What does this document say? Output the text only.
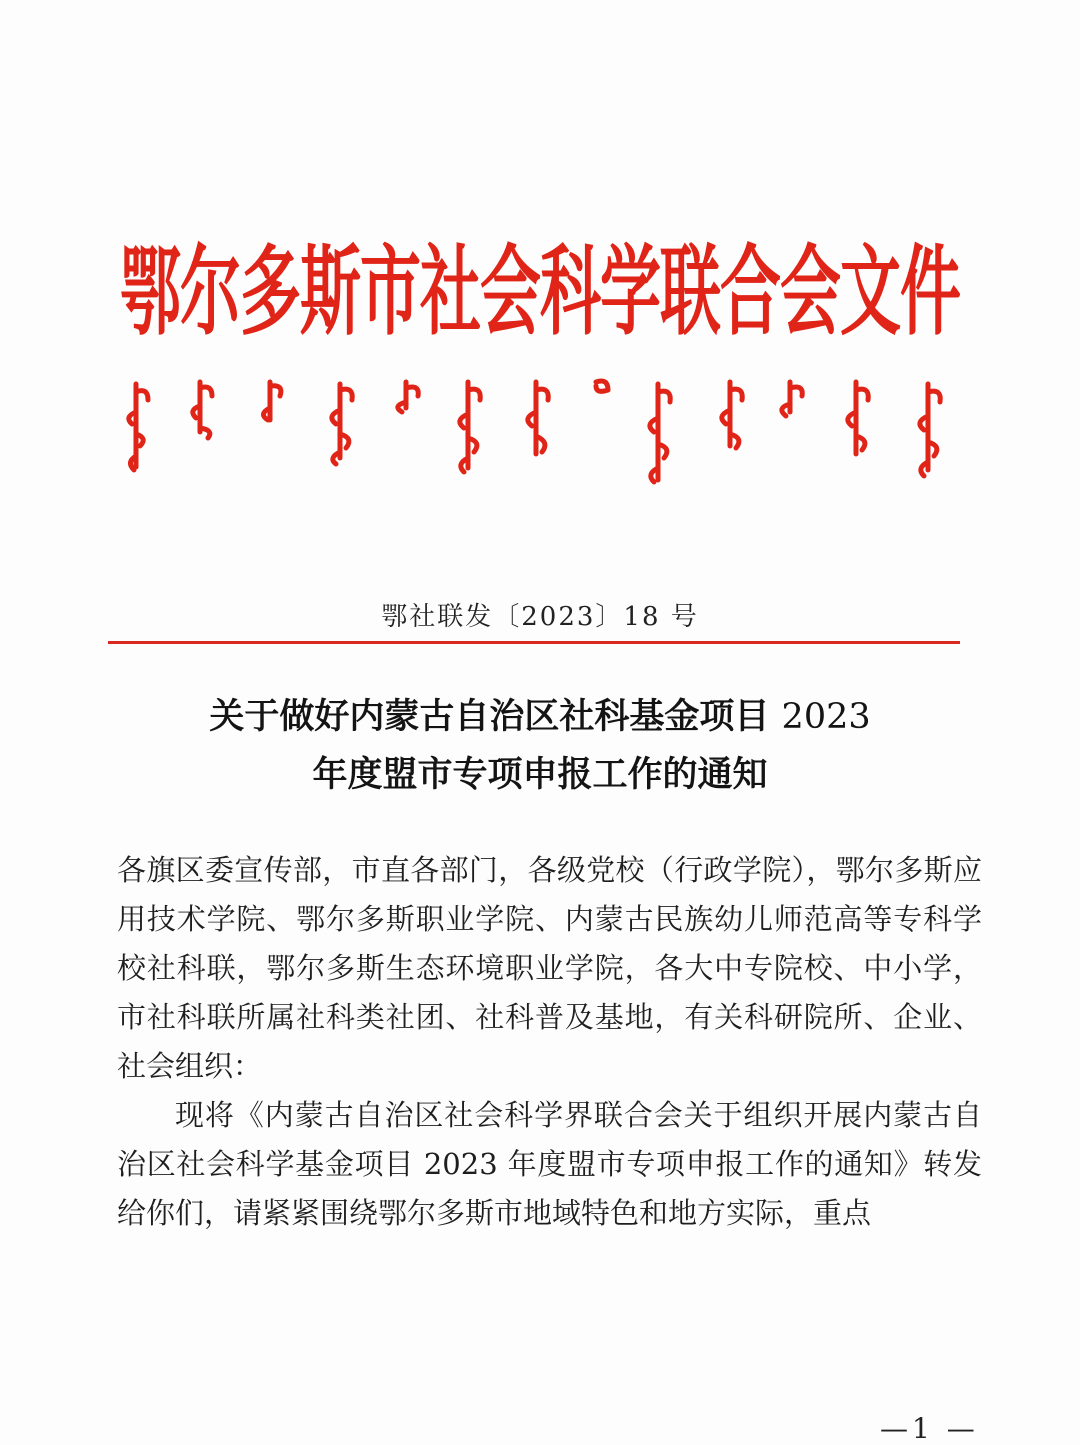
鄂尔多斯市社会科学联合会文件
鄂社联发〔2023〕18 号
关于做好内蒙古自治区社科基金项目 2023
年度盟市专项申报工作的通知

各旗区委宣传部，市直各部门，各级党校（行政学院），鄂尔多斯应用技术学院、鄂尔多斯职业学院、内蒙古民族幼儿师范高等专科学校社科联，鄂尔多斯生态环境职业学院，各大中专院校、中小学，市社科联所属社科类社团、社科普及基地，有关科研院所、企业、社会组织：

现将《内蒙古自治区社会科学界联合会关于组织开展内蒙古自治区社会科学基金项目 2023 年度盟市专项申报工作的通知》转发给你们，请紧紧围绕鄂尔多斯市地域特色和地方实际，重点

—1 —
